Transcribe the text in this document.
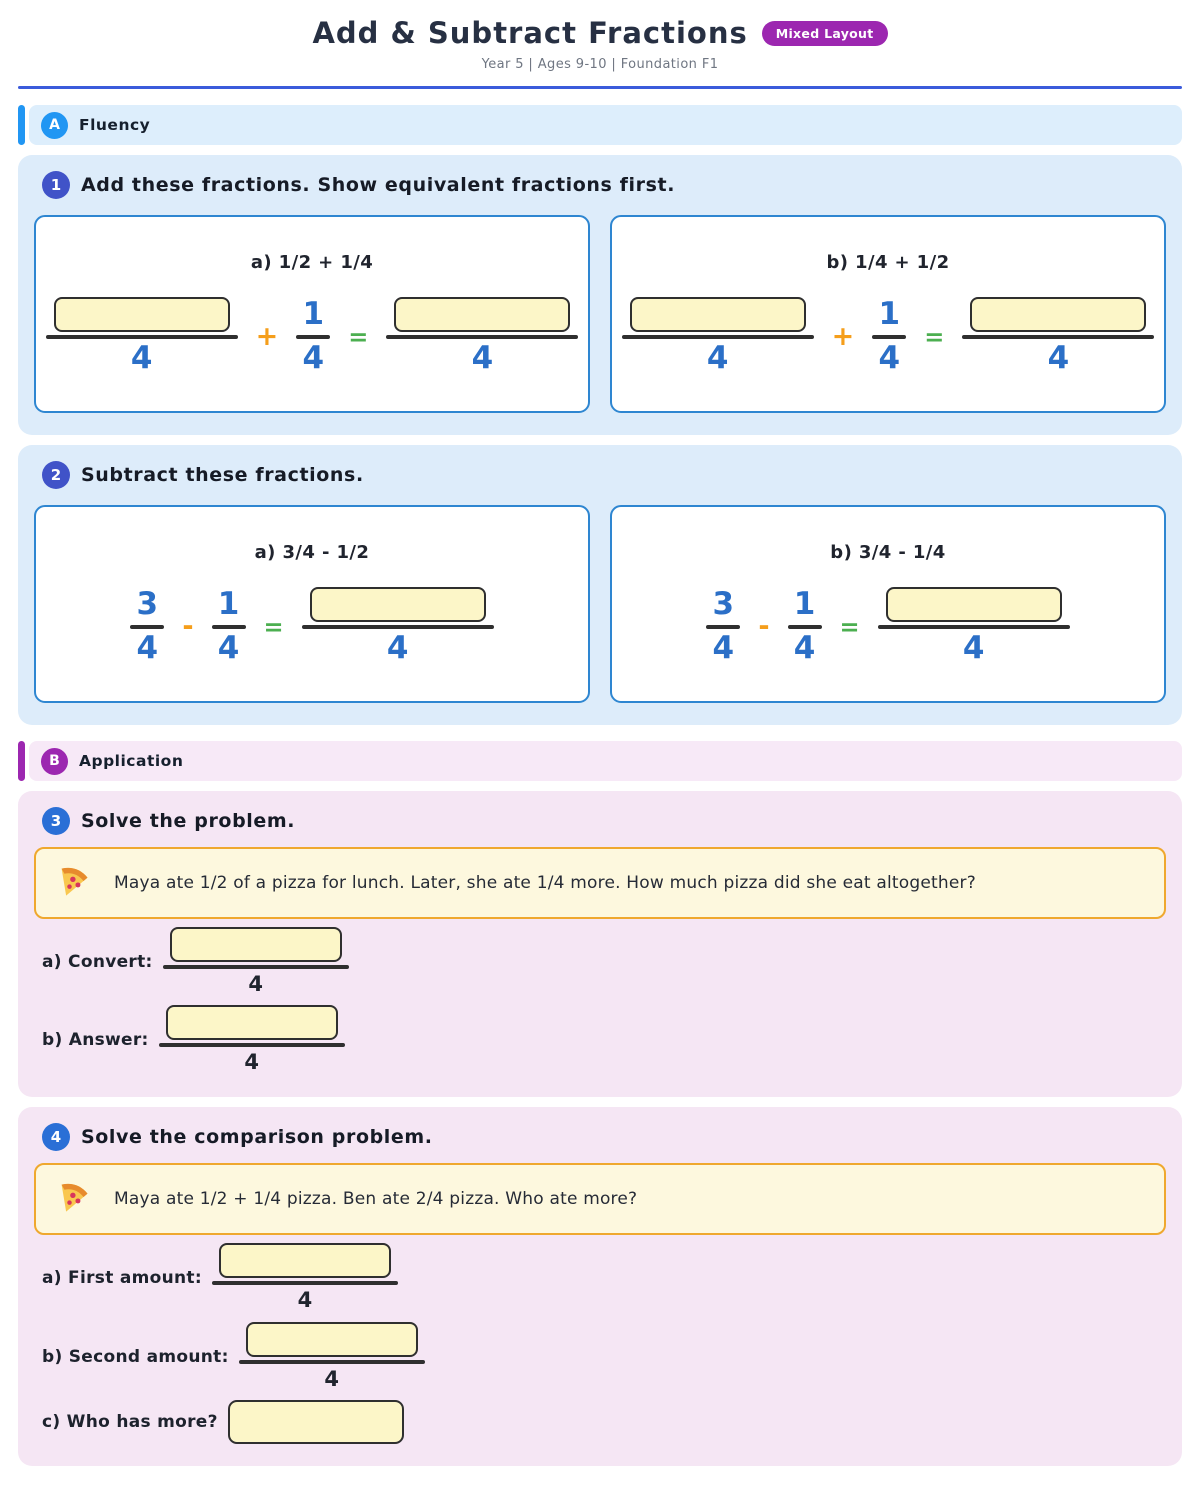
Add & Subtract Fractions	Mixed Layout
Year 5 | Ages 9-10 | Foundation F1
A	Fluency
1	Add these fractions. Show equivalent fractions first.
a) 1/2 + 1/4
4
+ $\frac{1}{4}$ =
4
b) 1/4 + 1/2
4
+ $\frac{1}{4}$ =
4
2	Subtract these fractions.
a) 3/4 - 1/2
$\frac{3}{4} - \frac{1}{4}$ =
4
b) 3/4 - 1/4
$\frac{3}{4} - \frac{1}{4}$ =
4
B	Application
3	Solve the problem.
Maya ate 1/2 of a pizza for lunch. Later, she ate 1/4 more. How much pizza did she eat altogether?
a) Convert:
4
b) Answer:
4
4	Solve the comparison problem.
Maya ate 1/2 + 1/4 pizza. Ben ate 2/4 pizza. Who ate more?
a) First amount:
4
b) Second amount:
4
c) Who has more?
